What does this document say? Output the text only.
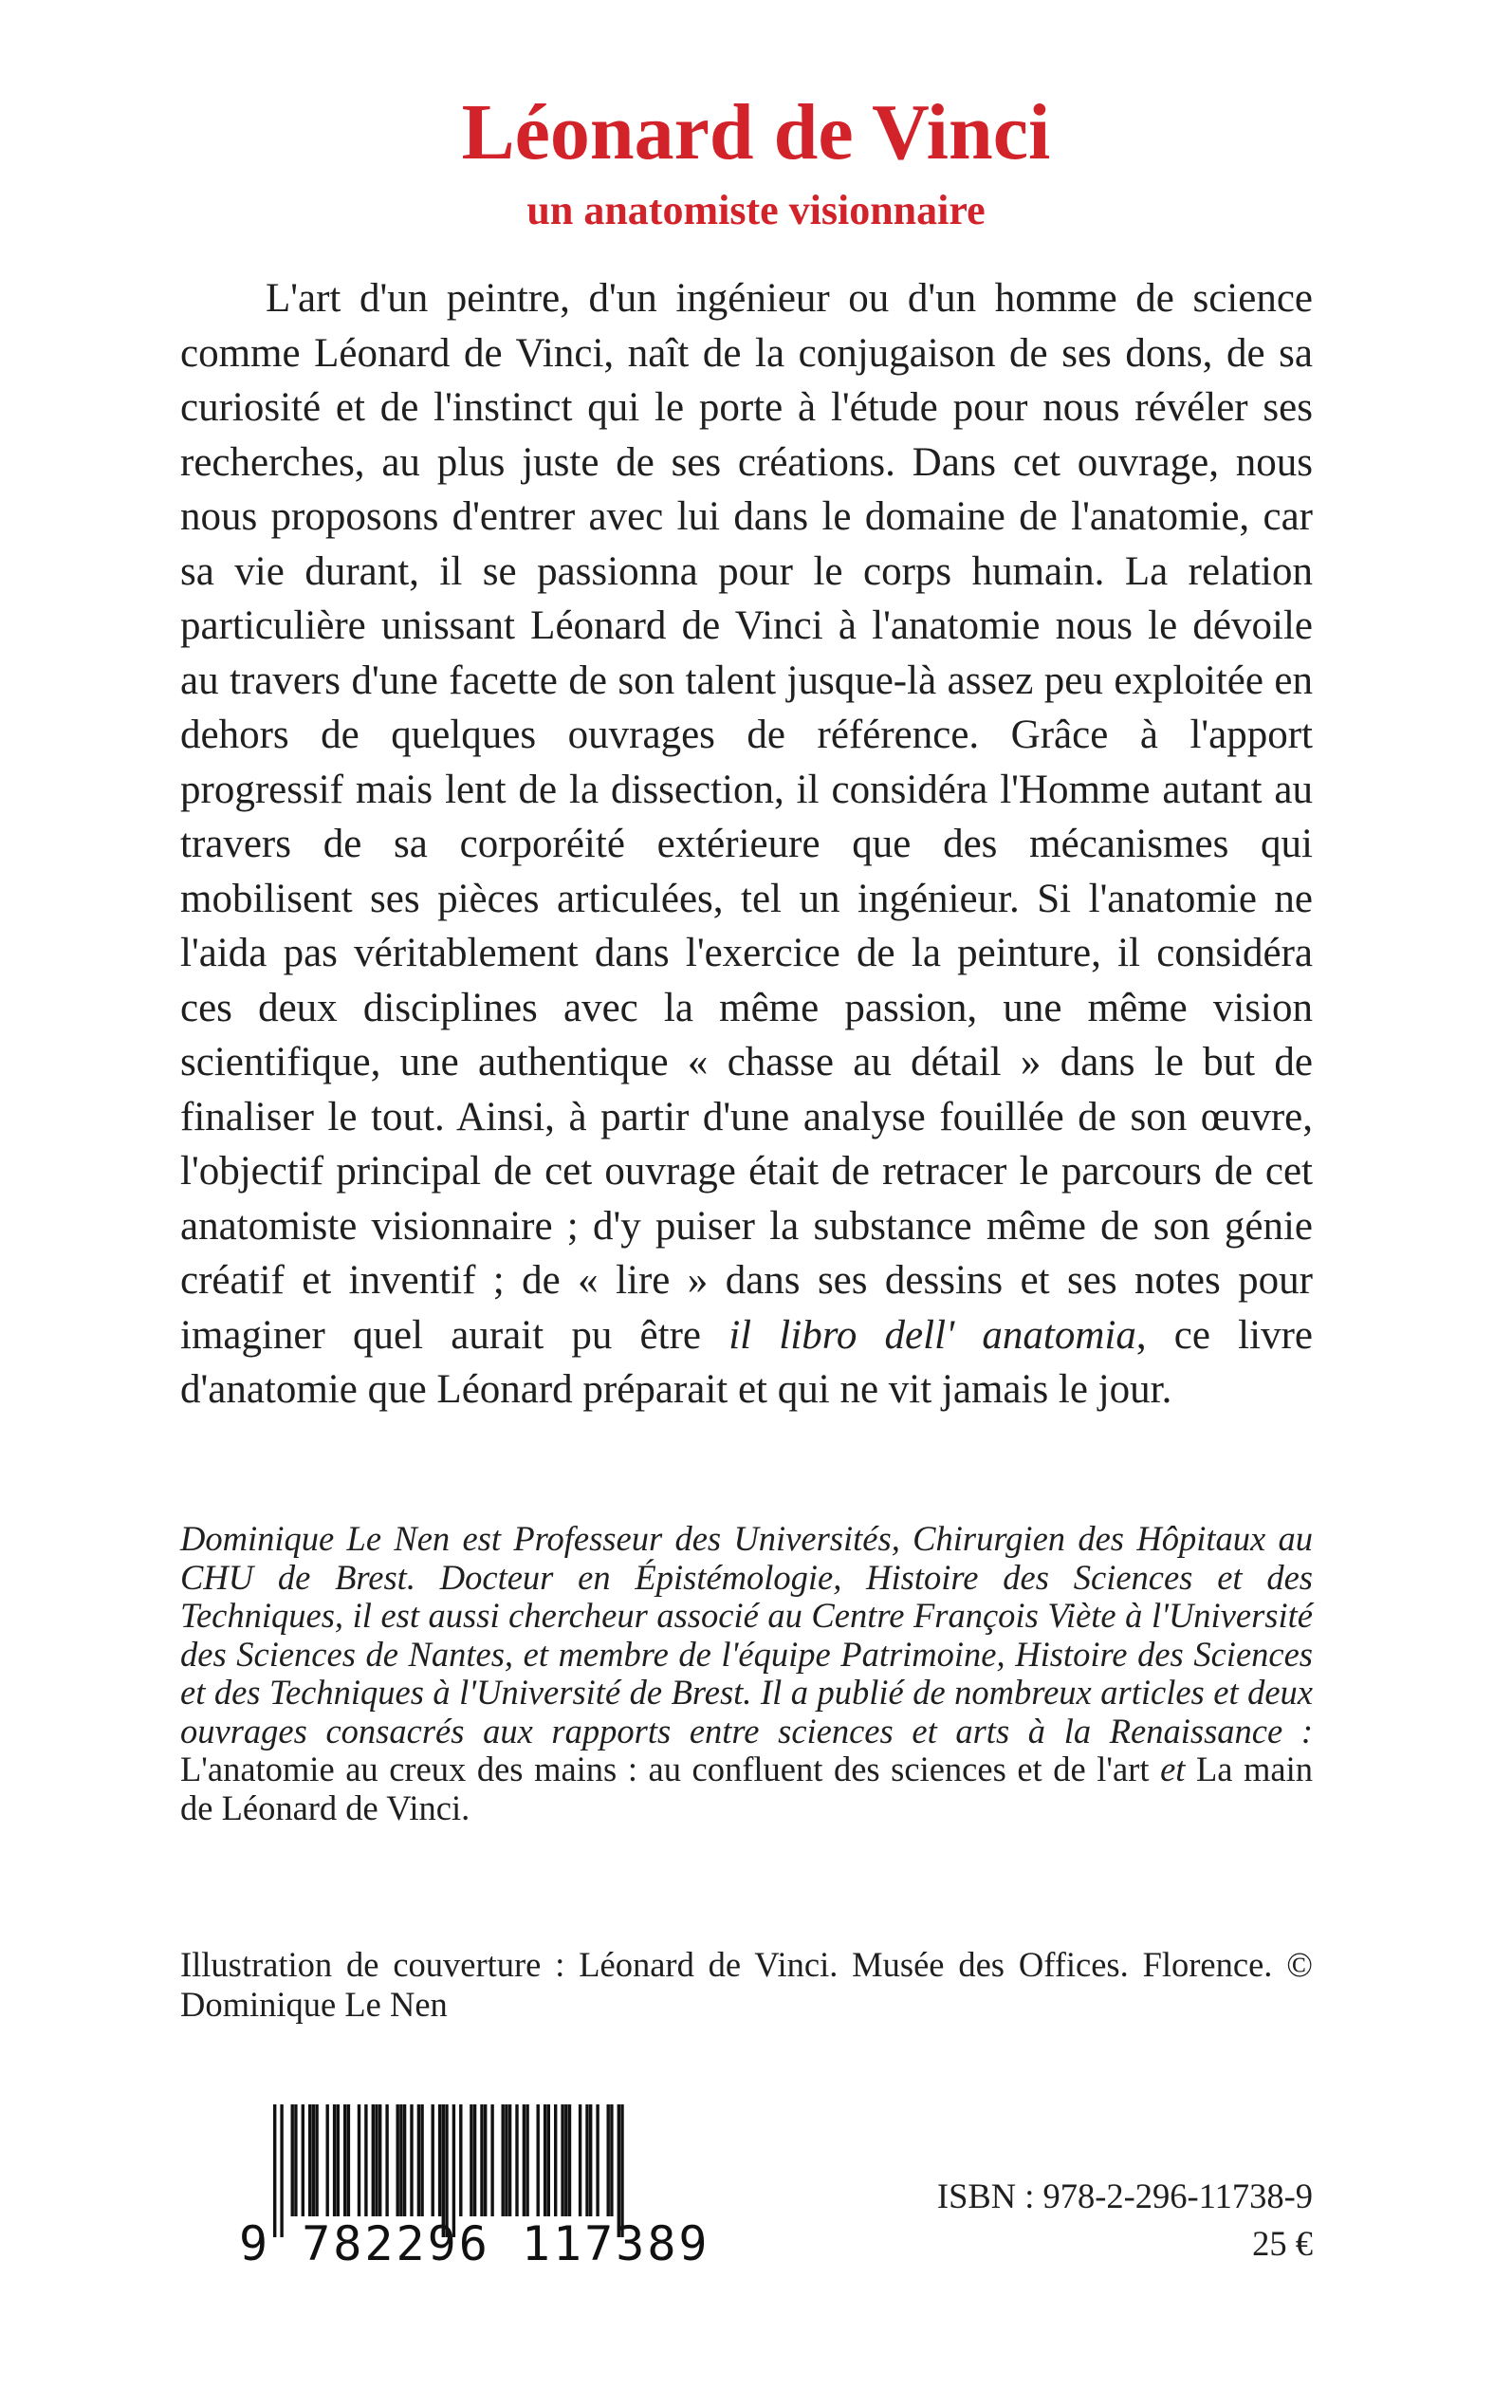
Léonard de Vinci
un anatomiste visionnaire
L'art d'un peintre, d'un ingénieur ou d'un homme de science comme Léonard de Vinci, naît de la conjugaison de ses dons, de sa curiosité et de l'instinct qui le porte à l'étude pour nous révéler ses recherches, au plus juste de ses créations. Dans cet ouvrage, nous nous proposons d'entrer avec lui dans le domaine de l'anatomie, car sa vie durant, il se passionna pour le corps humain. La relation particulière unissant Léonard de Vinci à l'anatomie nous le dévoile au travers d'une facette de son talent jusque-là assez peu exploitée en dehors de quelques ouvrages de référence. Grâce à l'apport progressif mais lent de la dissection, il considéra l'Homme autant au travers de sa corporéité extérieure que des mécanismes qui mobilisent ses pièces articulées, tel un ingénieur. Si l'anatomie ne l'aida pas véritablement dans l'exercice de la peinture, il considéra ces deux disciplines avec la même passion, une même vision scientifique, une authentique « chasse au détail » dans le but de finaliser le tout. Ainsi, à partir d'une analyse fouillée de son œuvre, l'objectif principal de cet ouvrage était de retracer le parcours de cet anatomiste visionnaire ; d'y puiser la substance même de son génie créatif et inventif ; de « lire » dans ses dessins et ses notes pour imaginer quel aurait pu être il libro dell' anatomia, ce livre d'anatomie que Léonard préparait et qui ne vit jamais le jour.
Dominique Le Nen est Professeur des Universités, Chirurgien des Hôpitaux au CHU de Brest. Docteur en Épistémologie, Histoire des Sciences et des Techniques, il est aussi chercheur associé au Centre François Viète à l'Université des Sciences de Nantes, et membre de l'équipe Patrimoine, Histoire des Sciences et des Techniques à l'Université de Brest. Il a publié de nombreux articles et deux ouvrages consacrés aux rapports entre sciences et arts à la Renaissance : L'anatomie au creux des mains : au confluent des sciences et de l'art et La main de Léonard de Vinci.
Illustration de couverture : Léonard de Vinci. Musée des Offices. Florence. © Dominique Le Nen
9 782296 117389
ISBN : 978-2-296-11738-9
25 €
